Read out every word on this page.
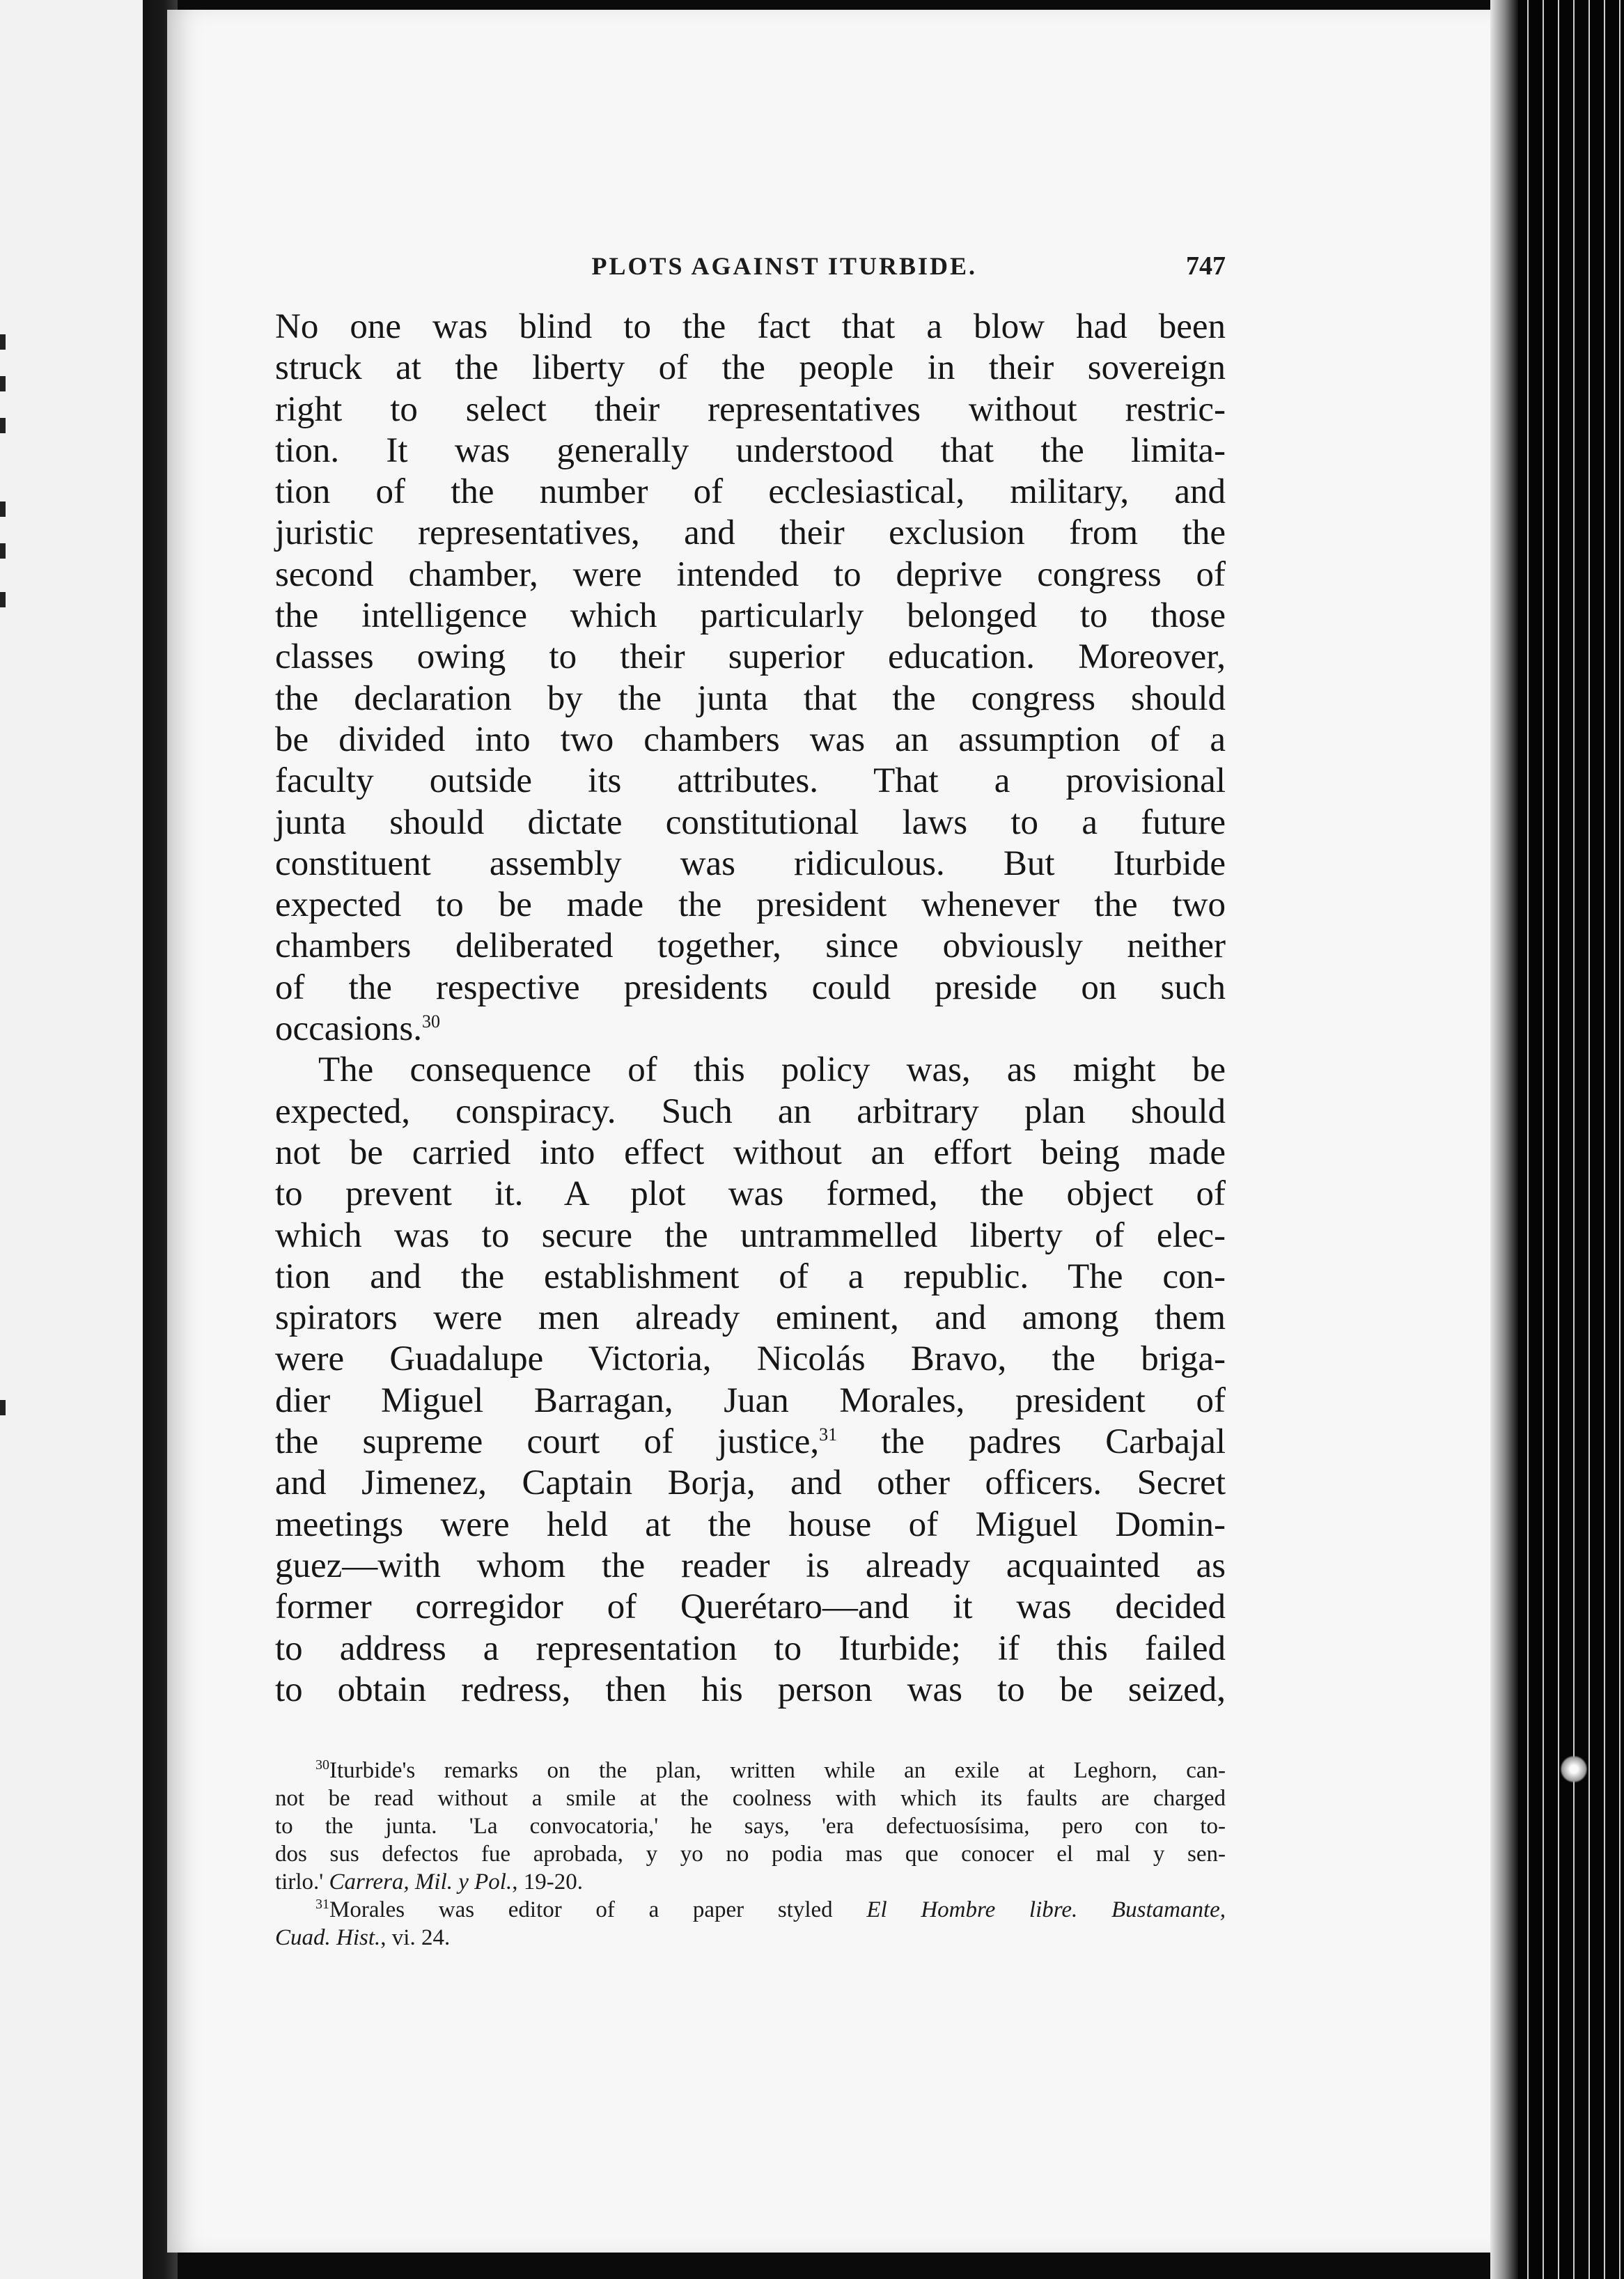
PLOTS AGAINST ITURBIDE.	747

No one was blind to the fact that a blow had been
struck at the liberty of the people in their sovereign
right to select their representatives without restric-
tion. It was generally understood that the limita-
tion of the number of ecclesiastical, military, and
juristic representatives, and their exclusion from the
second chamber, were intended to deprive congress of
the intelligence which particularly belonged to those
classes owing to their superior education. Moreover,
the declaration by the junta that the congress should
be divided into two chambers was an assumption of a
faculty outside its attributes. That a provisional
junta should dictate constitutional laws to a future
constituent assembly was ridiculous. But Iturbide
expected to be made the president whenever the two
chambers deliberated together, since obviously neither
of the respective presidents could preside on such
occasions.$^{30}$

The consequence of this policy was, as might be
expected, conspiracy. Such an arbitrary plan should
not be carried into effect without an effort being made
to prevent it. A plot was formed, the object of
which was to secure the untrammelled liberty of elec-
tion and the establishment of a republic. The con-
spirators were men already eminent, and among them
were Guadalupe Victoria, Nicolás Bravo, the briga-
dier Miguel Barragan, Juan Morales, president of
the supreme court of justice,$^{31}$ the padres Carbajal
and Jimenez, Captain Borja, and other officers. Secret
meetings were held at the house of Miguel Domin-
guez—with whom the reader is already acquainted as
former corregidor of Querétaro—and it was decided
to address a representation to Iturbide; if this failed
to obtain redress, then his person was to be seized,

$^{30}$Iturbide's remarks on the plan, written while an exile at Leghorn, can-
not be read without a smile at the coolness with which its faults are charged
to the junta. 'La convocatoria,' he says, 'era defectuosísima, pero con to-
dos sus defectos fue aprobada, y yo no podia mas que conocer el mal y sen-
tirlo.' Carrera, Mil. y Pol., 19-20.

$^{31}$Morales was editor of a paper styled El Hombre libre. Bustamante,
Cuad. Hist., vi. 24.
